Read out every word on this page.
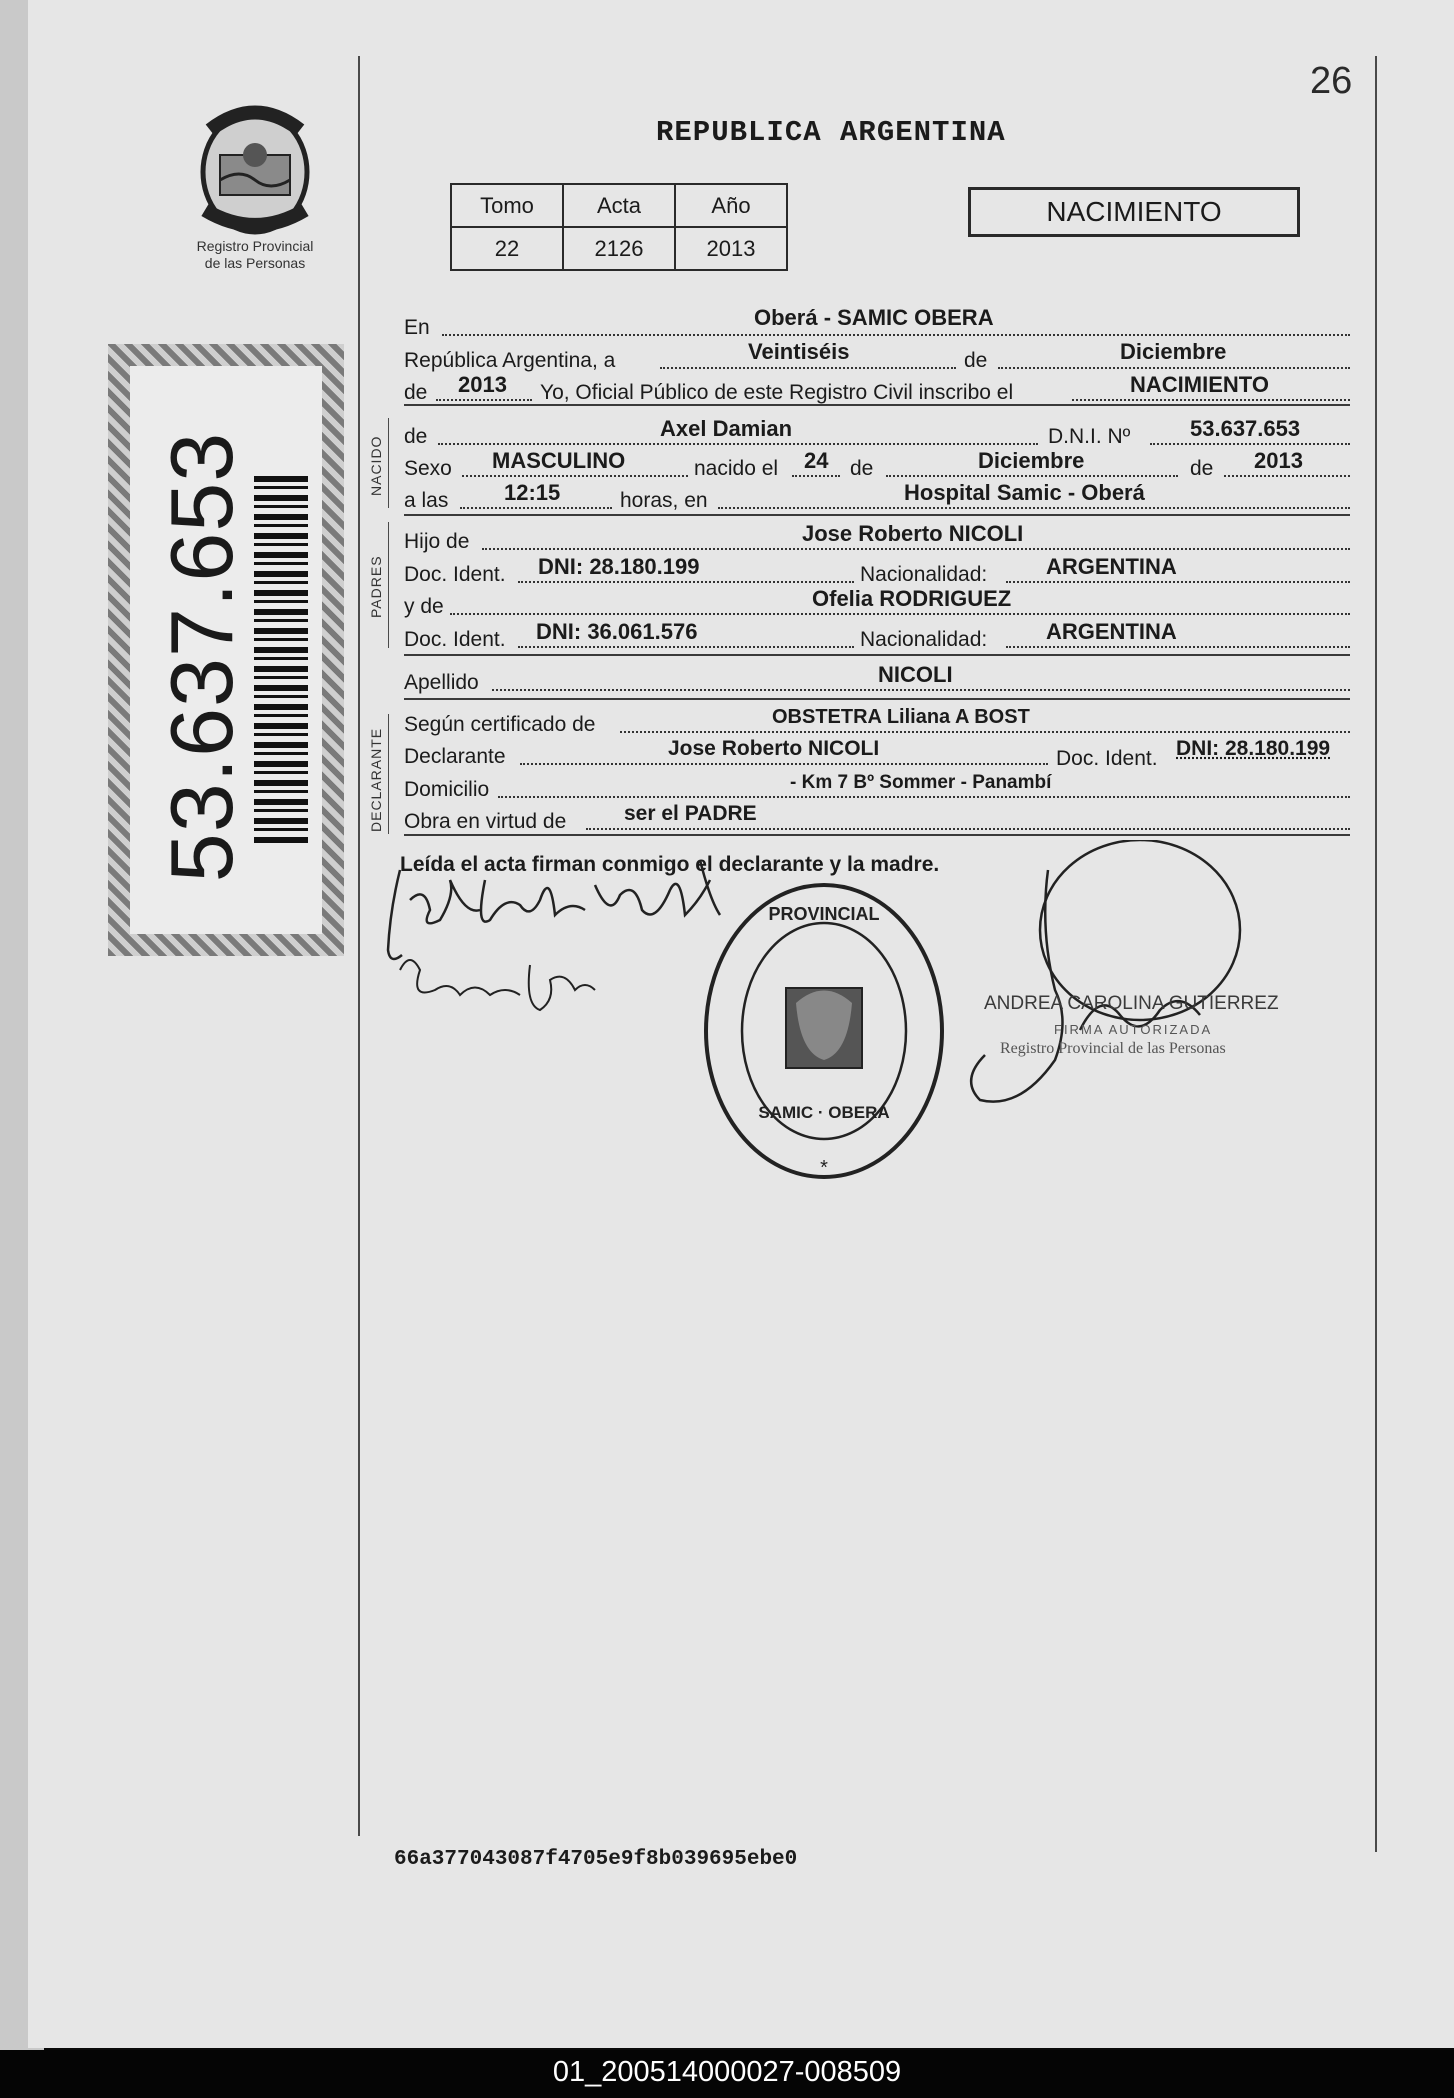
26
REPUBLICA ARGENTINA
Tomo	Acta	Año
22	2126	2013
NACIMIENTO
Registro Provincial
de las Personas
53.637.653	NACIDO
PADRES
DECLARANTE
En	Oberá - SAMIC OBERA
República Argentina, a	Veintiséis	de	Diciembre
de 2013 Yo, Oficial Público de este Registro Civil inscribo el	NACIMIENTO
de	Axel Damian	D.N.I. Nº	53.637.653
Sexo MASCULINO	nacido el 24 de	Diciembre	de 2013
a las	12:15	horas, en	Hospital Samic - Oberá
Hijo de	Jose Roberto NICOLI
Doc. Ident. DNI: 28.180.199	Nacionalidad:	ARGENTINA
y de	Ofelia RODRIGUEZ
Doc. Ident. DNI: 36.061.576	Nacionalidad:	ARGENTINA
Apellido	NICOLI
Según certificado de	OBSTETRA Liliana A BOST
Declarante	Jose Roberto NICOLI	Doc. Ident. DNI: 28.180.199
Domicilio	- Km 7 Bº Sommer - Panambí
Obra en virtud de	ser el PADRE
Leída el acta firman conmigo el declarante y la madre.
PROVINCIAL
SAMIC · OBERA
*
ANDREA CAROLINA GUTIERREZ
FIRMA AUTORIZADA
Registro Provincial de las Personas
66a377043087f4705e9f8b039695ebe0
01_200514000027-008509
